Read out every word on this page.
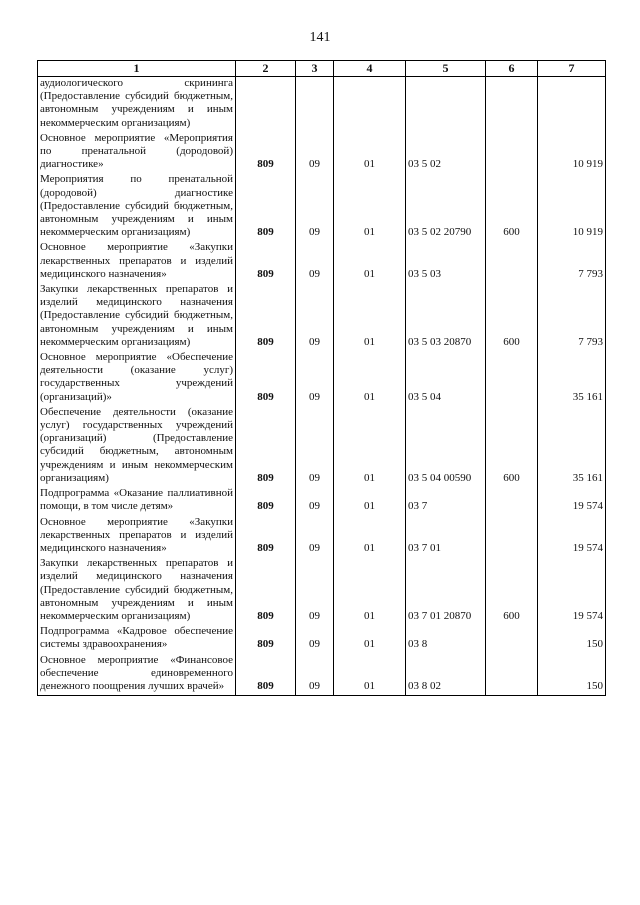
141
1	2	3	4	5	6	7
аудиологического скрининга (Предоставление субсидий бюджетным, автономным учреждениям и иным некоммерческим организациям)						
Основное мероприятие «Мероприятия по пренатальной (дородовой) диагностике»	809	09	01	03 5 02		10 919
Мероприятия по пренатальной (дородовой) диагностике (Предоставление субсидий бюджетным, автономным учреждениям и иным некоммерческим организациям)	809	09	01	03 5 02 20790	600	10 919
Основное мероприятие «Закупки лекарственных препаратов и изделий медицинского назначения»	809	09	01	03 5 03		7 793
Закупки лекарственных препаратов и изделий медицинского назначения (Предоставление субсидий бюджетным, автономным учреждениям и иным некоммерческим организациям)	809	09	01	03 5 03 20870	600	7 793
Основное мероприятие «Обеспечение деятельности (оказание услуг) государственных учреждений (организаций)»	809	09	01	03 5 04		35 161
Обеспечение деятельности (оказание услуг) государственных учреждений (организаций) (Предоставление субсидий бюджетным, автономным учреждениям и иным некоммерческим организациям)	809	09	01	03 5 04 00590	600	35 161
Подпрограмма «Оказание паллиативной помощи, в том числе детям»	809	09	01	03 7		19 574
Основное мероприятие «Закупки лекарственных препаратов и изделий медицинского назначения»	809	09	01	03 7 01		19 574
Закупки лекарственных препаратов и изделий медицинского назначения (Предоставление субсидий бюджетным, автономным учреждениям и иным некоммерческим организациям)	809	09	01	03 7 01 20870	600	19 574
Подпрограмма «Кадровое обеспечение системы здравоохранения»	809	09	01	03 8		150
Основное мероприятие «Финансовое обеспечение единовременного денежного поощрения лучших врачей»	809	09	01	03 8 02		150
